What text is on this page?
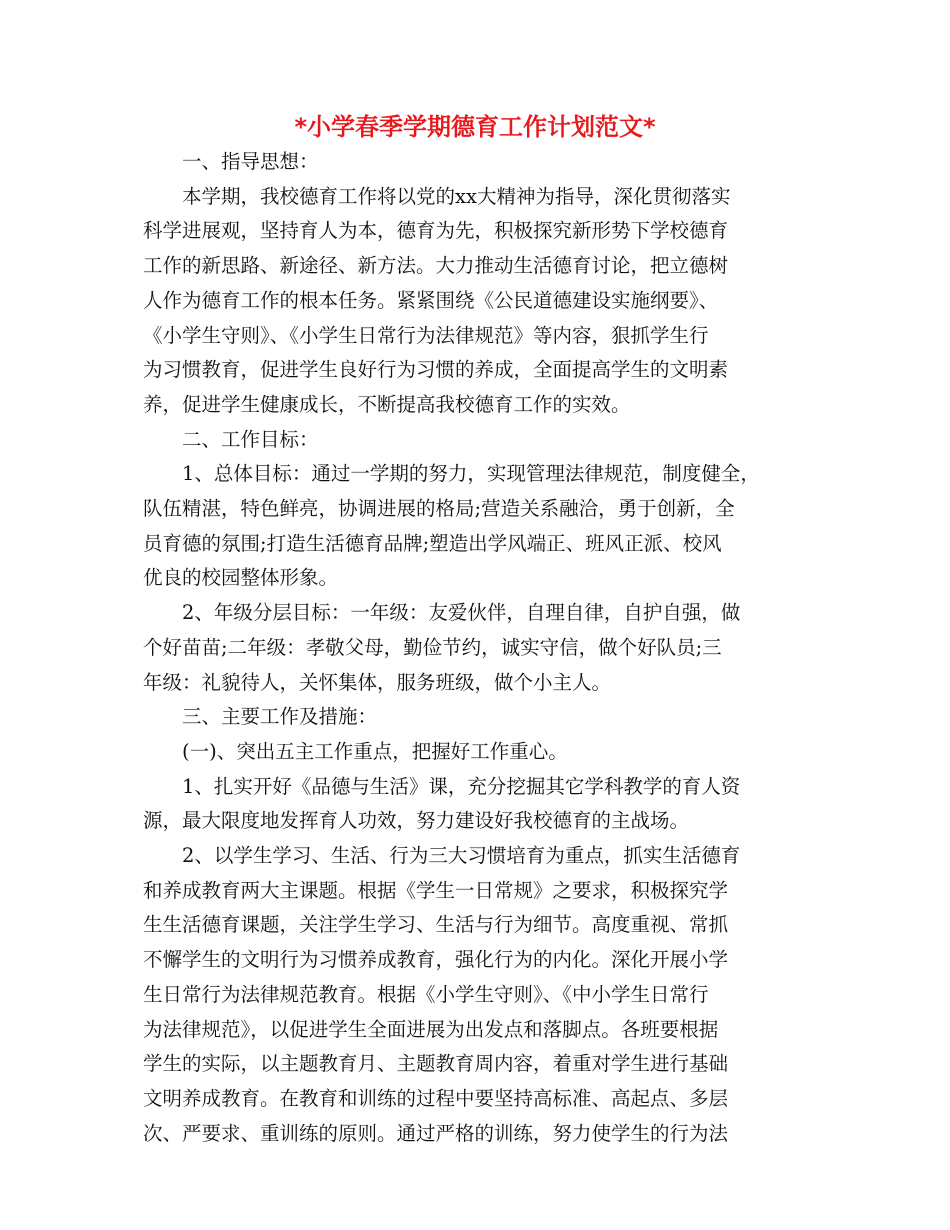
*小学春季学期德育工作计划范文*
　　一、指导思想：
　　本学期，我校德育工作将以党的xx大精神为指导，深化贯彻落实
科学进展观，坚持育人为本，德育为先，积极探究新形势下学校德育
工作的新思路、新途径、新方法。大力推动生活德育讨论，把立德树
人作为德育工作的根本任务。紧紧围绕《公民道德建设实施纲要》、
《小学生守则》、《小学生日常行为法律规范》等内容，狠抓学生行
为习惯教育，促进学生良好行为习惯的养成，全面提高学生的文明素
养，促进学生健康成长，不断提高我校德育工作的实效。
　　二、工作目标：
　　1、总体目标：通过一学期的努力，实现管理法律规范，制度健全，
队伍精湛，特色鲜亮，协调进展的格局;营造关系融洽，勇于创新，全
员育德的氛围;打造生活德育品牌;塑造出学风端正、班风正派、校风
优良的校园整体形象。
　　2、年级分层目标：一年级：友爱伙伴，自理自律，自护自强，做
个好苗苗;二年级：孝敬父母，勤俭节约，诚实守信，做个好队员;三
年级：礼貌待人，关怀集体，服务班级，做个小主人。
　　三、主要工作及措施：
　　(一)、突出五主工作重点，把握好工作重心。
　　1、扎实开好《品德与生活》课，充分挖掘其它学科教学的育人资
源，最大限度地发挥育人功效，努力建设好我校德育的主战场。
　　2、以学生学习、生活、行为三大习惯培育为重点，抓实生活德育
和养成教育两大主课题。根据《学生一日常规》之要求，积极探究学
生生活德育课题，关注学生学习、生活与行为细节。高度重视、常抓
不懈学生的文明行为习惯养成教育，强化行为的内化。深化开展小学
生日常行为法律规范教育。根据《小学生守则》、《中小学生日常行
为法律规范》，以促进学生全面进展为出发点和落脚点。各班要根据
学生的实际，以主题教育月、主题教育周内容，着重对学生进行基础
文明养成教育。在教育和训练的过程中要坚持高标准、高起点、多层
次、严要求、重训练的原则。通过严格的训练，努力使学生的行为法
